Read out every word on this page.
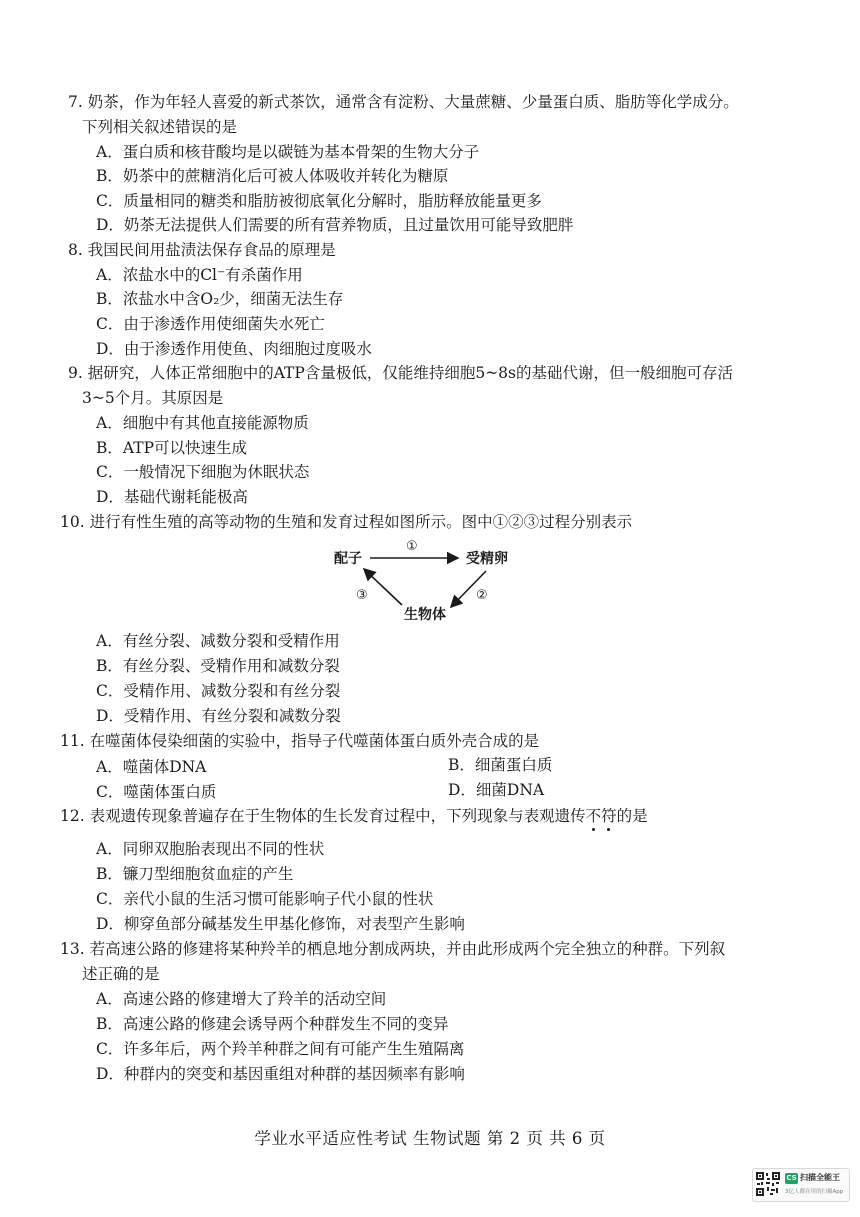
7. 奶茶，作为年轻人喜爱的新式茶饮，通常含有淀粉、大量蔗糖、少量蛋白质、脂肪等化学成分。
下列相关叙述错误的是
A．蛋白质和核苷酸均是以碳链为基本骨架的生物大分子
B．奶茶中的蔗糖消化后可被人体吸收并转化为糖原
C．质量相同的糖类和脂肪被彻底氧化分解时，脂肪释放能量更多
D．奶茶无法提供人们需要的所有营养物质，且过量饮用可能导致肥胖
8. 我国民间用盐渍法保存食品的原理是
A．浓盐水中的Cl⁻有杀菌作用
B．浓盐水中含O₂少，细菌无法生存
C．由于渗透作用使细菌失水死亡
D．由于渗透作用使鱼、肉细胞过度吸水
9. 据研究，人体正常细胞中的ATP含量极低，仅能维持细胞5~8s的基础代谢，但一般细胞可存活
3~5个月。其原因是
A．细胞中有其他直接能源物质
B．ATP可以快速生成
C．一般情况下细胞为休眠状态
D．基础代谢耗能极高
10. 进行有性生殖的高等动物的生殖和发育过程如图所示。图中①②③过程分别表示
配子	受精卵
生物体
①
②
③
A．有丝分裂、减数分裂和受精作用
B．有丝分裂、受精作用和减数分裂
C．受精作用、减数分裂和有丝分裂
D．受精作用、有丝分裂和减数分裂
11. 在噬菌体侵染细菌的实验中，指导子代噬菌体蛋白质外壳合成的是
A．噬菌体DNA	B．细菌蛋白质
C．噬菌体蛋白质	D．细菌DNA
12. 表观遗传现象普遍存在于生物体的生长发育过程中，下列现象与表观遗传不符的是
A．同卵双胞胎表现出不同的性状
B．镰刀型细胞贫血症的产生
C．亲代小鼠的生活习惯可能影响子代小鼠的性状
D．柳穿鱼部分碱基发生甲基化修饰，对表型产生影响
13. 若高速公路的修建将某种羚羊的栖息地分割成两块，并由此形成两个完全独立的种群。下列叙
述正确的是
A．高速公路的修建增大了羚羊的活动空间
B．高速公路的修建会诱导两个种群发生不同的变异
C．许多年后，两个羚羊种群之间有可能产生生殖隔离
D．种群内的突变和基因重组对种群的基因频率有影响
学业水平适应性考试 生物试题 第 2 页 共 6 页
CS 扫描全能王
3亿人都在用的扫描App
